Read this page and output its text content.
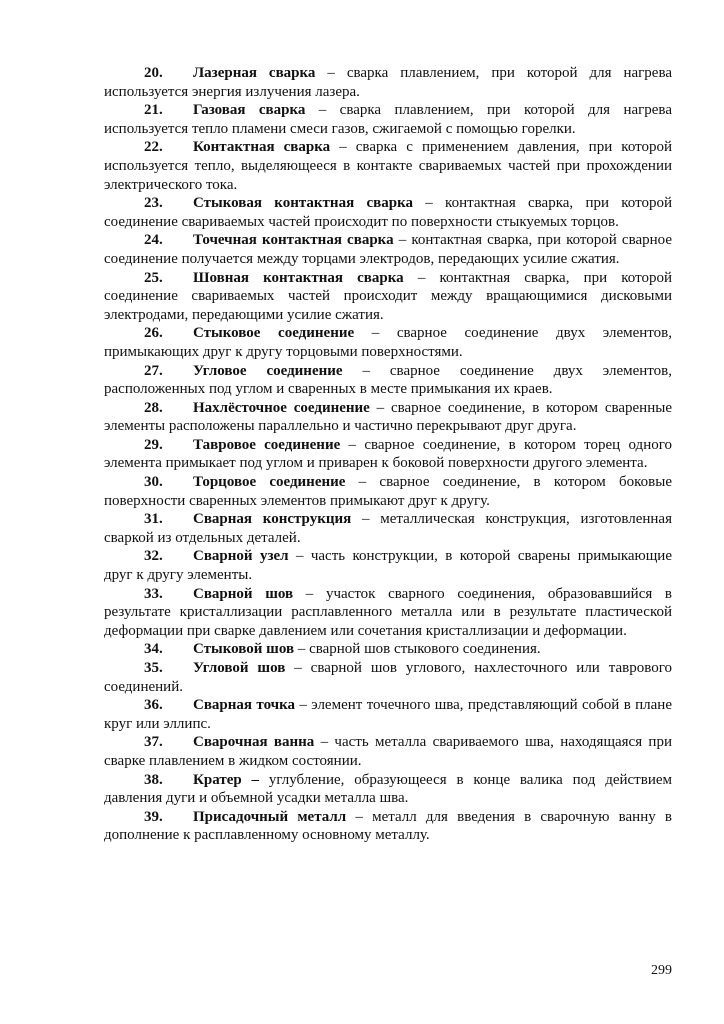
20. Лазерная сварка – сварка плавлением, при которой для нагрева используется энергия излучения лазера.

21. Газовая сварка – сварка плавлением, при которой для нагрева используется тепло пламени смеси газов, сжигаемой с помощью горелки.

22. Контактная сварка – сварка с применением давления, при которой используется тепло, выделяющееся в контакте свариваемых частей при прохождении электрического тока.

23. Стыковая контактная сварка – контактная сварка, при которой соединение свариваемых частей происходит по поверхности стыкуемых торцов.

24. Точечная контактная сварка – контактная сварка, при которой сварное соединение получается между торцами электродов, передающих усилие сжатия.

25. Шовная контактная сварка – контактная сварка, при которой соединение свариваемых частей происходит между вращающимися дисковыми электродами, передающими усилие сжатия.

26. Стыковое соединение – сварное соединение двух элементов, примыкающих друг к другу торцовыми поверхностями.

27. Угловое соединение – сварное соединение двух элементов, расположенных под углом и сваренных в месте примыкания их краев.

28. Нахлёсточное соединение – сварное соединение, в котором сваренные элементы расположены параллельно и частично перекрывают друг друга.

29. Тавровое соединение – сварное соединение, в котором торец одного элемента примыкает под углом и приварен к боковой поверхности другого элемента.

30. Торцовое соединение – сварное соединение, в котором боковые поверхности сваренных элементов примыкают друг к другу.

31. Сварная конструкция – металлическая конструкция, изготовленная сваркой из отдельных деталей.

32. Сварной узел – часть конструкции, в которой сварены примыкающие друг к другу элементы.

33. Сварной шов – участок сварного соединения, образовавшийся в результате кристаллизации расплавленного металла или в результате пластической деформации при сварке давлением или сочетания кристаллизации и деформации.

34. Стыковой шов – сварной шов стыкового соединения.

35. Угловой шов – сварной шов углового, нахлесточного или таврового соединений.

36. Сварная точка – элемент точечного шва, представляющий собой в плане круг или эллипс.

37. Сварочная ванна – часть металла свариваемого шва, находящаяся при сварке плавлением в жидком состоянии.

38. Кратер – углубление, образующееся в конце валика под действием давления дуги и объемной усадки металла шва.

39. Присадочный металл – металл для введения в сварочную ванну в дополнение к расплавленному основному металлу.

299
